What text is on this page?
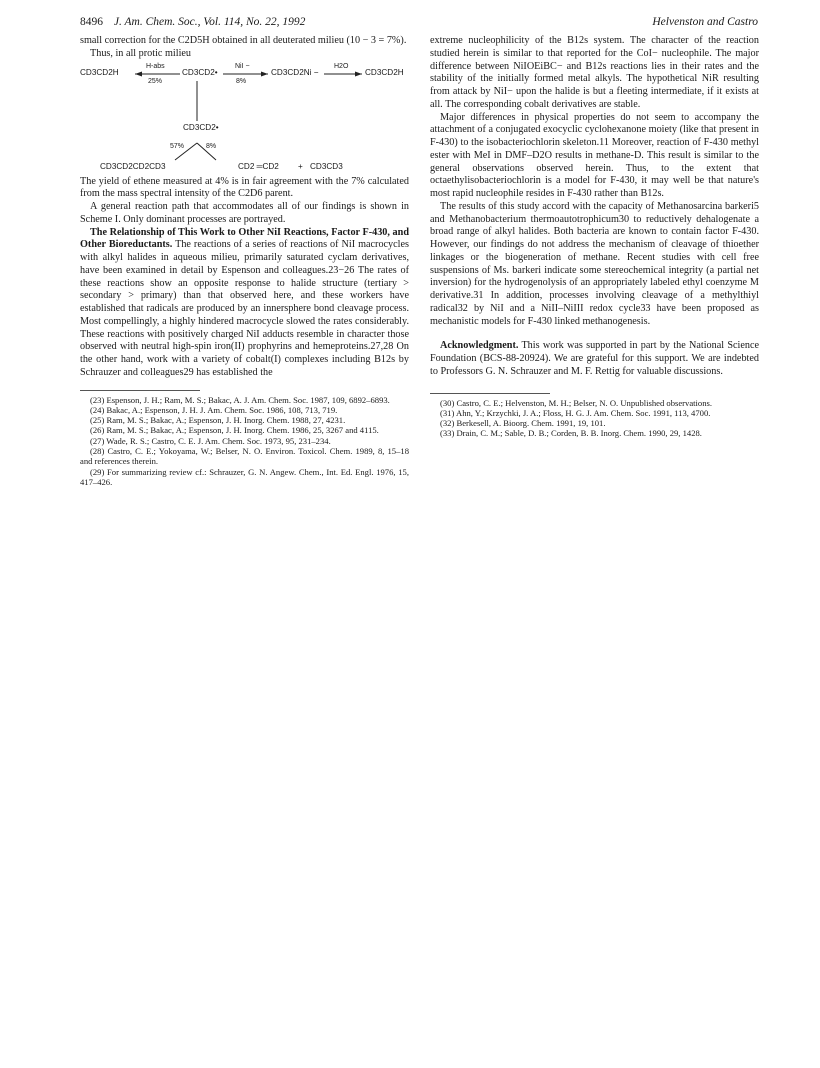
8496 J. Am. Chem. Soc., Vol. 114, No. 22, 1992	Helvenston and Castro

small correction for the C2D5H obtained in all deuterated milieu (10 − 3 = 7%).

Thus, in all protic milieu

CD3CD2H
H-abs
25%
CD3CD2•
NiI −
8%
CD3CD2Ni −
H2O
CD3CD2H
CD3CD2•
57%	8%
CD3CD2CD2CD3	CD2 ═CD2 + CD3CD3

The yield of ethene measured at 4% is in fair agreement with the 7% calculated from the mass spectral intensity of the C2D6 parent.

A general reaction path that accommodates all of our findings is shown in Scheme I. Only dominant processes are portrayed.

The Relationship of This Work to Other NiI Reactions, Factor F-430, and Other Bioreductants. The reactions of a series of reactions of NiI macrocycles with alkyl halides in aqueous milieu, primarily saturated cyclam derivatives, have been examined in detail by Espenson and colleagues.23−26 The rates of these reactions show an opposite response to halide structure (tertiary > secondary > primary) than that observed here, and these workers have established that radicals are produced by an innersphere bond cleavage process. Most compellingly, a highly hindered macrocycle slowed the rates considerably. These reactions with positively charged NiI adducts resemble in character those observed with neutral high-spin iron(II) prophyrins and hemeproteins.27,28 On the other hand, work with a variety of cobalt(I) complexes including B12s by Schrauzer and colleagues29 has established the

(23) Espenson, J. H.; Ram, M. S.; Bakac, A. J. Am. Chem. Soc. 1987, 109, 6892–6893.

(24) Bakac, A.; Espenson, J. H. J. Am. Chem. Soc. 1986, 108, 713, 719.

(25) Ram, M. S.; Bakac, A.; Espenson, J. H. Inorg. Chem. 1988, 27, 4231.

(26) Ram, M. S.; Bakac, A.; Espenson, J. H. Inorg. Chem. 1986, 25, 3267 and 4115.

(27) Wade, R. S.; Castro, C. E. J. Am. Chem. Soc. 1973, 95, 231–234.

(28) Castro, C. E.; Yokoyama, W.; Belser, N. O. Environ. Toxicol. Chem. 1989, 8, 15–18 and references therein.

(29) For summarizing review cf.: Schrauzer, G. N. Angew. Chem., Int. Ed. Engl. 1976, 15, 417–426.

extreme nucleophilicity of the B12s system. The character of the reaction studied herein is similar to that reported for the CoI− nucleophile. The major difference between NiIOEiBC− and B12s reactions lies in their rates and the stability of the initially formed metal alkyls. The hypothetical NiR resulting from attack by NiI− upon the halide is but a fleeting intermediate, if it exists at all. The corresponding cobalt derivatives are stable.

Major differences in physical properties do not seem to accompany the attachment of a conjugated exocyclic cyclohexanone moiety (like that present in F-430) to the isobacteriochlorin skeleton.11 Moreover, reaction of F-430 methyl ester with MeI in DMF–D2O results in methane-D. This result is similar to the general observations observed herein. Thus, to the extent that octaethylisobacteriochlorin is a model for F-430, it may well be that nature's most rapid nucleophile resides in F-430 rather than B12s.

The results of this study accord with the capacity of Methanosarcina barkeri5 and Methanobacterium thermoautotrophicum30 to reductively dehalogenate a broad range of alkyl halides. Both bacteria are known to contain factor F-430. However, our findings do not address the mechanism of cleavage of thioether linkages or the biogeneration of methane. Recent studies with cell free suspensions of Ms. barkeri indicate some stereochemical integrity (a partial net inversion) for the hydrogenolysis of an appropriately labeled ethyl coenzyme M derivative.31 In addition, processes involving cleavage of a methylthiyl radical32 by NiI and a NiII–NiIII redox cycle33 have been proposed as mechanistic models for F-430 linked methanogenesis.

Acknowledgment. This work was supported in part by the National Science Foundation (BCS-88-20924). We are grateful for this support. We are indebted to Professors G. N. Schrauzer and M. F. Rettig for valuable discussions.

(30) Castro, C. E.; Helvenston, M. H.; Belser, N. O. Unpublished observations.

(31) Ahn, Y.; Krzychki, J. A.; Floss, H. G. J. Am. Chem. Soc. 1991, 113, 4700.

(32) Berkesell, A. Bioorg. Chem. 1991, 19, 101.

(33) Drain, C. M.; Sable, D. B.; Corden, B. B. Inorg. Chem. 1990, 29, 1428.
